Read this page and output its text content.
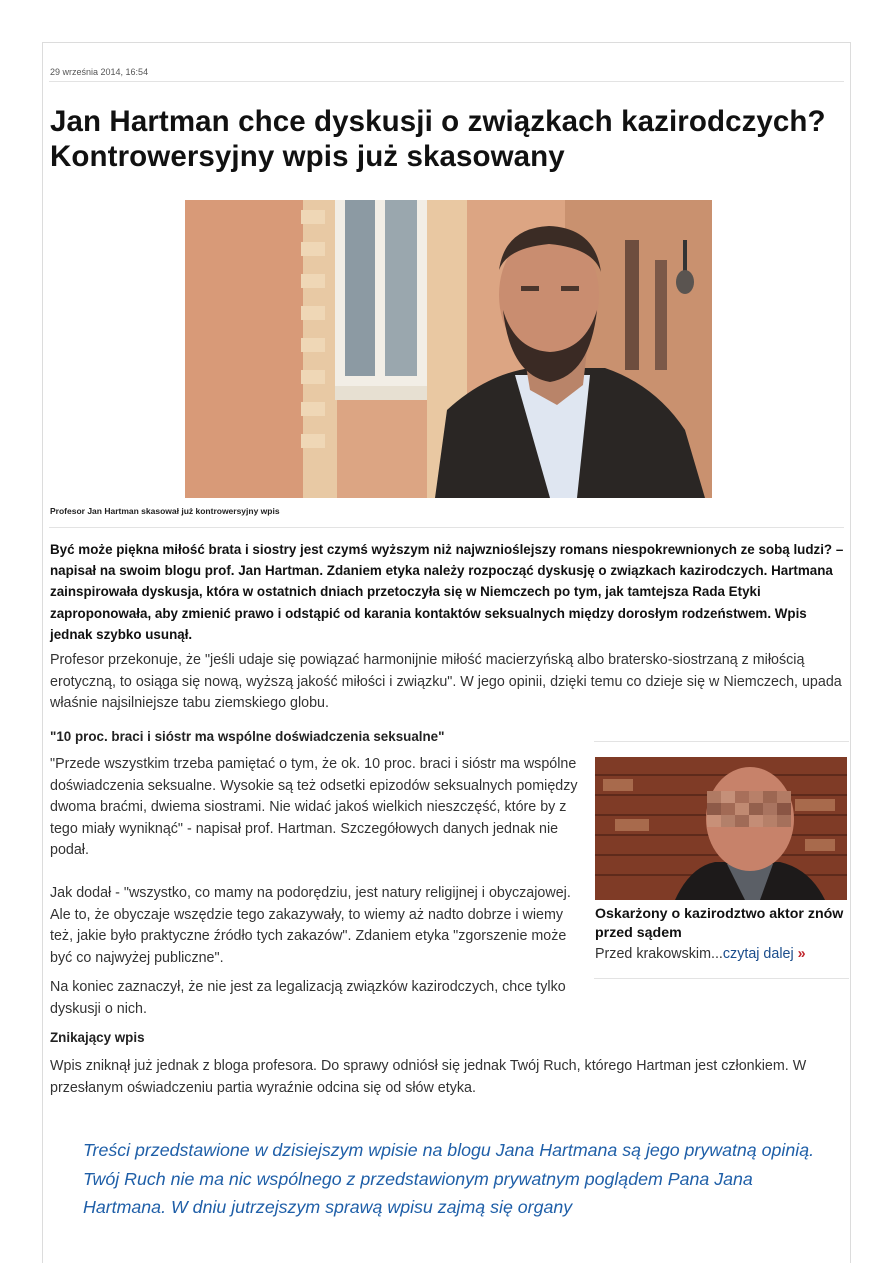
29 września 2014, 16:54
Jan Hartman chce dyskusji o związkach kazirodczych? Kontrowersyjny wpis już skasowany
Profesor Jan Hartman skasował już kontrowersyjny wpis

Być może piękna miłość brata i siostry jest czymś wyższym niż najwznioślejszy romans niespokrewnionych ze sobą ludzi? – napisał na swoim blogu prof. Jan Hartman. Zdaniem etyka należy rozpocząć dyskusję o związkach kazirodczych. Hartmana zainspirowała dyskusja, która w ostatnich dniach przetoczyła się w Niemczech po tym, jak tamtejsza Rada Etyki zaproponowała, aby zmienić prawo i odstąpić od karania kontaktów seksualnych między dorosłym rodzeństwem. Wpis jednak szybko usunął.

Profesor przekonuje, że "jeśli udaje się powiązać harmonijnie miłość macierzyńską albo bratersko-siostrzaną z miłością erotyczną, to osiąga się nową, wyższą jakość miłości i związku". W jego opinii, dzięki temu co dzieje się w Niemczech, upada właśnie najsilniejsze tabu ziemskiego globu.

"10 proc. braci i sióstr ma wspólne doświadczenia seksualne"

"Przede wszystkim trzeba pamiętać o tym, że ok. 10 proc. braci i sióstr ma wspólne doświadczenia seksualne. Wysokie są też odsetki epizodów seksualnych pomiędzy dwoma braćmi, dwiema siostrami. Nie widać jakoś wielkich nieszczęść, które by z tego miały wyniknąć" - napisał prof. Hartman. Szczegółowych danych jednak nie podał.

Jak dodał - "wszystko, co mamy na podorędziu, jest natury religijnej i obyczajowej. Ale to, że obyczaje wszędzie tego zakazywały, to wiemy aż nadto dobrze i wiemy też, jakie było praktyczne źródło tych zakazów". Zdaniem etyka "zgorszenie może być co najwyżej publiczne".

Na koniec zaznaczył, że nie jest za legalizacją związków kazirodczych, chce tylko dyskusji o nich.

Znikający wpis

Wpis zniknął już jednak z bloga profesora. Do sprawy odniósł się jednak Twój Ruch, którego Hartman jest członkiem. W przesłanym oświadczeniu partia wyraźnie odcina się od słów etyka.

Treści przedstawione w dzisiejszym wpisie na blogu Jana Hartmana są jego prywatną opinią. Twój Ruch nie ma nic wspólnego z przedstawionym prywatnym poglądem Pana Jana Hartmana. W dniu jutrzejszym sprawą wpisu zajmą się organy

Oskarżony o kazirodztwo aktor znów przed sądem

Przed krakowskim...czytaj dalej »
